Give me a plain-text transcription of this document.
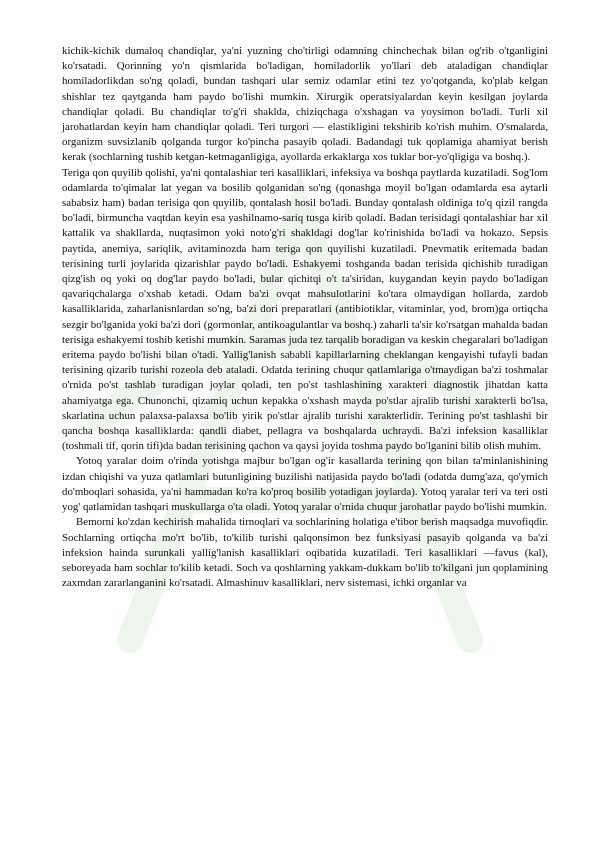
kichik-kichik dumaloq chandiqlar, ya'ni yuzning cho'tirligi odamning chinchechak bilan og'rib o'tganligini ko'rsatadi. Qorinning yo'n qismlarida bo'ladigan, homiladorlik yo'llari deb ataladigan chandiqlar homiladorlikdan so'ng qoladi, bundan tashqari ular semiz odamlar etini tez yo'qotganda, ko'plab kelgan shishlar tez qaytganda ham paydo bo'lishi mumkin. Xirurgik operatsiyalardan keyin kesilgan joylarda chandiqlar qoladi. Bu chandiqlar to'g'ri shaklda, chiziqchaga o'xshagan va yoysimon bo'ladi. Turli xil jarohatlardan keyin ham chandiqlar qoladi. Teri turgori — elastikligini tekshirib ko'rish muhim. O'smalarda, organizm suvsizlanib qolganda turgor ko'pincha pasayib qoladi. Badandagi tuk qoplamiga ahamiyat berish kerak (sochlarning tushib ketgan-ketmaganligiga, ayollarda erkaklarga xos tuklar bor-yo'qligiga va boshq.).

Teriga qon quyilib qolishi, ya'ni qontalashiar teri kasalliklari, infeksiya va boshqa paytlarda kuzatiladi. Sog'lom odamlarda to'qimalar lat yegan va bosilib qolganidan so'ng (qonashga moyil bo'lgan odamlarda esa aytarli sababsiz ham) badan terisiga qon quyilib, qontalash hosil bo'ladi. Bunday qontalash oldiniga to'q qizil rangda bo'ladi, birmuncha vaqtdan keyin esa yashilnamo-sariq tusga kirib qoladi. Badan terisidagi qontalashiar har xil kattalik va shakllarda, nuqtasimon yoki noto'g'ri shakldagi dog'lar ko'rinishida bo'ladi va hokazo. Sepsis paytida, anemiya, sariqlik, avitaminozda ham teriga qon quyilishi kuzatiladi. Pnevmatik eritemada badan terisining turli joylarida qizarishlar paydo bo'ladi. Eshakyemi toshganda badan terisida qichishib turadigan qizg'ish oq yoki oq dog'lar paydo bo'ladi, bular qichitqi o't ta'siridan, kuygandan keyin paydo bo'ladigan qavariqchalarga o'xshab ketadi. Odam ba'zi ovqat mahsulotlarini ko'tara olmaydigan hollarda, zardob kasalliklarida, zaharlanisnlardan so'ng, ba'zi dori preparatlari (antibiotiklar, vitaminlar, yod, brom)ga ortiqcha sezgir bo'lganida yoki ba'zi dori (gormonlar, antikoagulantlar va boshq.) zaharli ta'sir ko'rsatgan mahalda badan terisiga eshakyemi toshib ketishi mumkin. Saramas juda tez tarqalib boradigan va keskin chegaralari bo'ladigan eritema paydo bo'lishi bilan o'tadi. Yallig'lanish sababli kapillarlarning cheklangan kengayishi tufayli badan terisining qizarib turishi rozeola deb ataladi. Odatda terining chuqur qatlamlariga o'tmaydigan ba'zi toshmalar o'rnida po'st tashlab turadigan joylar qoladi, ten po'st tashlashining xarakteri diagnostik jihatdan katta ahamiyatga ega. Chunonchi, qizamiq uchun kepakka o'xshash mayda po'stlar ajralib turishi xarakterli bo'lsa, skarlatina uchun palaxsa-palaxsa bo'lib yirik po'stlar ajralib turishi xarakterlidir. Terining po'st tashlashi bir qancha boshqa kasalliklarda: qandli diabet, pellagra va boshqalarda uchraydi. Ba'zi infeksion kasalliklar (toshmali tif, qorin tifi)da badan terisining qachon va qaysi joyida toshma paydo bo'lganini bilib olish muhim.

Yotoq yaralar doim o'rinda yotishga majbur bo'lgan og'ir kasallarda terining qon bilan ta'minlanishining izdan chiqishi va yuza qatlamlari butunligining buzilishi natijasida paydo bo'ladi (odatda dumg'aza, qo'ymich do'mboqlari sohasida, ya'ni hammadan ko'ra ko'proq bosilib yotadigan joylarda). Yotoq yaralar teri va teri osti yog' qatlamidan tashqari muskullarga o'ta oladi. Yotoq yaralar o'rnida chuqur jarohatlar paydo bo'lishi mumkin.

Bemorni ko'zdan kechirish mahalida tirnoqlari va sochlarining holatiga e'tibor berish maqsadga muvofiqdir. Sochlarning ortiqcha mo'rt bo'lib, to'kilib turishi qalqonsimon bez funksiyasi pasayib qolganda va ba'zi infeksion hainda surunkali yallig'lanish kasalliklari oqibatida kuzatiladi. Teri kasalliklari —favus (kal), seboreyada ham sochlar to'kilib ketadi. Soch va qoshlarning yakkam-dukkam bo'lib to'kilgani jun qoplamining zaxmdan zararlanganini ko'rsatadi. Almashinuv kasalliklari, nerv sistemasi, ichki organlar va
